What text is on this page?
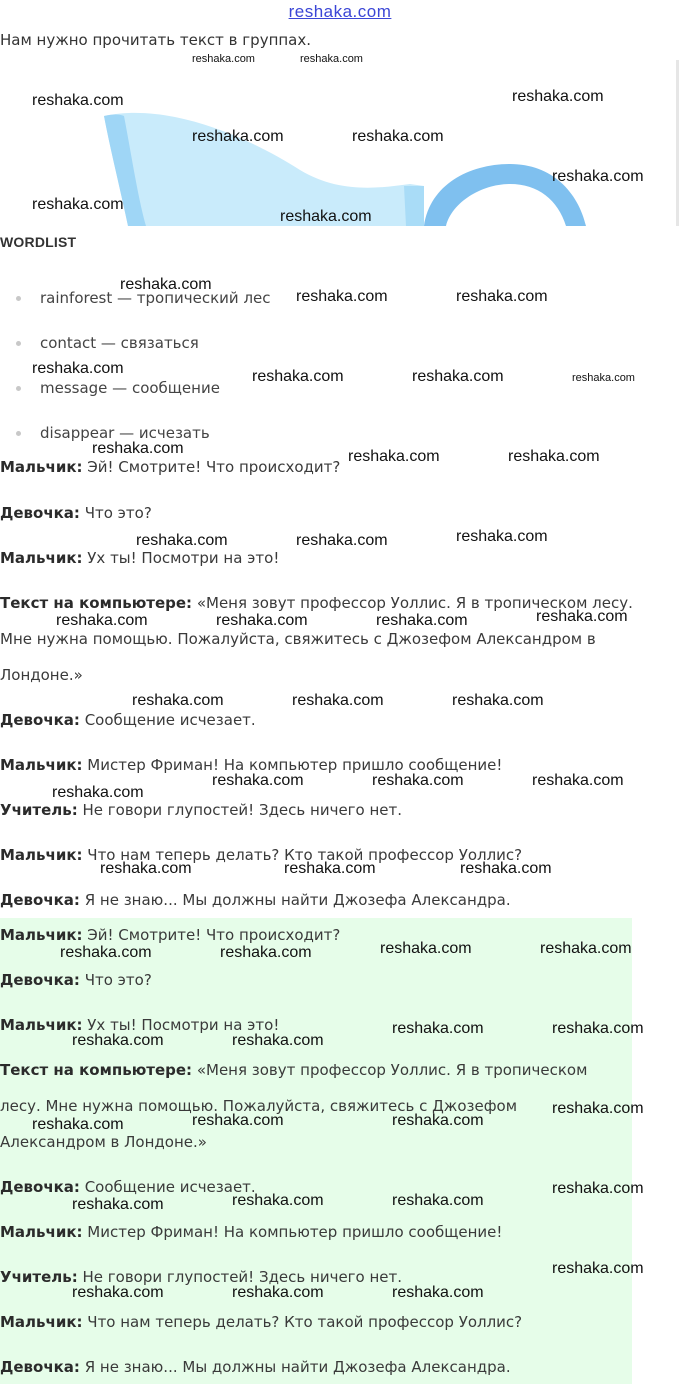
reshaka.com
Нам нужно прочитать текст в группах.
WORDLIST
rainforest — тропический лес
contact — связаться
message — сообщение
disappear — исчезать
Мальчик: Эй! Смотрите! Что происходит?
Девочка: Что это?
Мальчик: Ух ты! Посмотри на это!
Текст на компьютере: «Меня зовут профессор Уоллис. Я в тропическом лесу.
Мне нужна помощью. Пожалуйста, свяжитесь с Джозефом Александром в
Лондоне.»
Девочка: Сообщение исчезает.
Мальчик: Мистер Фриман! На компьютер пришло сообщение!
Учитель: Не говори глупостей! Здесь ничего нет.
Мальчик: Что нам теперь делать? Кто такой профессор Уоллис?
Девочка: Я не знаю... Мы должны найти Джозефа Александра.
Мальчик: Эй! Смотрите! Что происходит?
Девочка: Что это?
Мальчик: Ух ты! Посмотри на это!
Текст на компьютере: «Меня зовут профессор Уоллис. Я в тропическом
лесу. Мне нужна помощью. Пожалуйста, свяжитесь с Джозефом
Александром в Лондоне.»
Девочка: Сообщение исчезает.
Мальчик: Мистер Фриман! На компьютер пришло сообщение!
Учитель: Не говори глупостей! Здесь ничего нет.
Мальчик: Что нам теперь делать? Кто такой профессор Уоллис?
Девочка: Я не знаю... Мы должны найти Джозефа Александра.
reshaka.com	reshaka.com
reshaka.com	reshaka.com
reshaka.com	reshaka.com
reshaka.com
reshaka.com
reshaka.com
reshaka.com
reshaka.com	reshaka.com
reshaka.com	reshaka.com	reshaka.com	reshaka.com
reshaka.com	reshaka.com	reshaka.com
reshaka.com	reshaka.com	reshaka.com
reshaka.com
reshaka.com	reshaka.com	reshaka.com
reshaka.com	reshaka.com	reshaka.com
reshaka.com	reshaka.com	reshaka.com
reshaka.com
reshaka.com	reshaka.com	reshaka.com
reshaka.com	reshaka.com	reshaka.com	reshaka.com
reshaka.com	reshaka.com
reshaka.com	reshaka.com
reshaka.com
reshaka.com	reshaka.com
reshaka.com
reshaka.com
reshaka.com	reshaka.com
reshaka.com
reshaka.com
reshaka.com	reshaka.com	reshaka.com
